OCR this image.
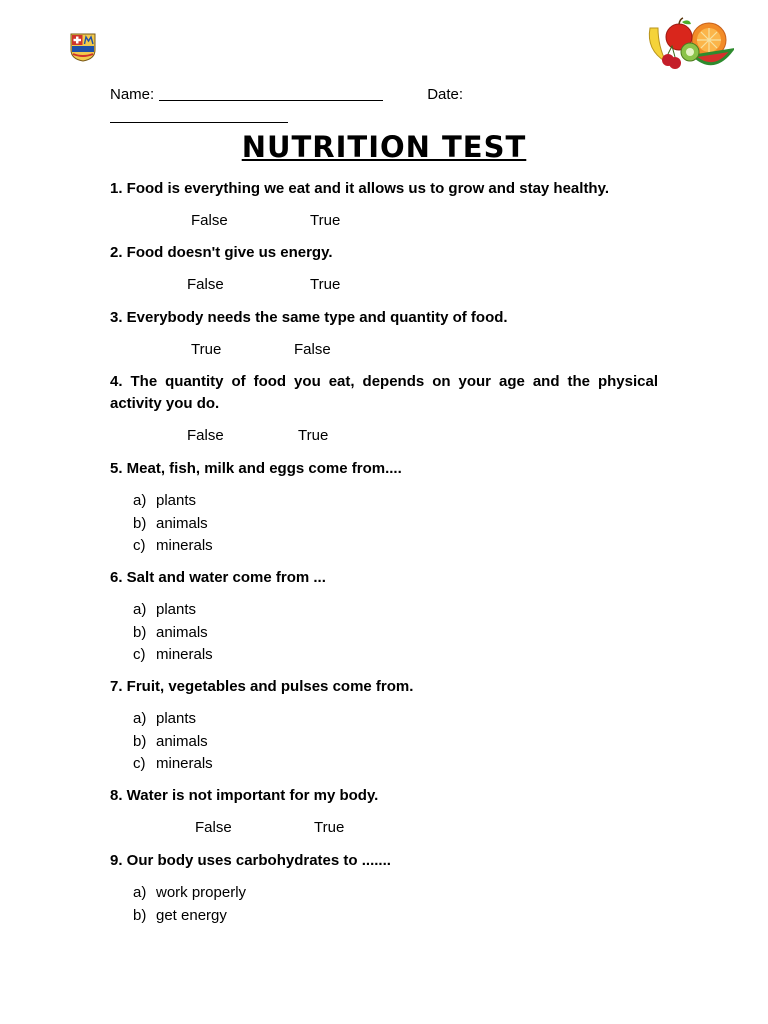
Name:	Date:
NUTRITION TEST
1. Food is everything we eat and it allows us to grow and stay healthy.
False	True
2. Food doesn't give us energy.
False	True
3. Everybody needs the same type and quantity of food.
True	False
4. The quantity of food you eat, depends on your age and the physical activity you do.
False	True
5. Meat, fish, milk and eggs come from....
a) plants
b) animals
c) minerals
6. Salt and water come from ...
a) plants
b) animals
c) minerals
7. Fruit, vegetables and pulses come from.
a) plants
b) animals
c) minerals
8. Water is not important for my body.
False	True
9. Our body uses carbohydrates to .......
a) work properly
b) get energy
